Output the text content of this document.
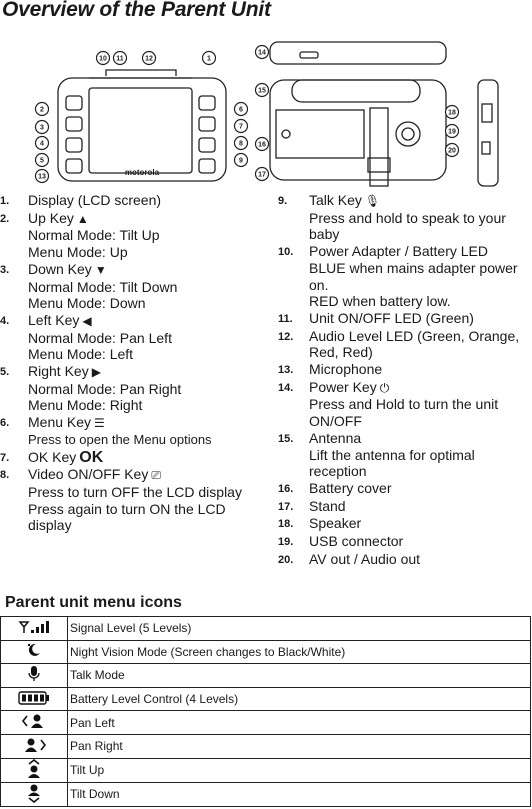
Overview of the Parent Unit
motorola
1
2
3
4
5
6
7
8
9
10 11	12
13
14
15
16
17
18
19
20
1.	Display (LCD screen)
2.	Up Key ▲
Normal Mode: Tilt Up
Menu Mode: Up
3.	Down Key ▼
Normal Mode: Tilt Down
Menu Mode: Down
4.	Left Key ◀
Normal Mode: Pan Left
Menu Mode: Left
5.	Right Key ▶
Normal Mode: Pan Right
Menu Mode: Right
6.	Menu Key ☰
Press to open the Menu options
7.	OK Key OK
8.	Video ON/OFF Key ⎚
Press to turn OFF the LCD display
Press again to turn ON the LCD display
9.	Talk Key 🎙
Press and hold to speak to your baby
10.	Power Adapter / Battery LED
BLUE when mains adapter power on.
RED when battery low.
11.	Unit ON/OFF LED (Green)
12.	Audio Level LED (Green, Orange, Red, Red)
13.	Microphone
14.	Power Key ⏻
Press and Hold to turn the unit ON/OFF
15.	Antenna
Lift the antenna for optimal reception
16.	Battery cover
17.	Stand
18.	Speaker
19.	USB connector
20.	AV out / Audio out
Parent unit menu icons
	Signal Level (5 Levels)
	Night Vision Mode (Screen changes to Black/White)
	Talk Mode
	Battery Level Control (4 Levels)
	Pan Left
	Pan Right
	Tilt Up
	Tilt Down
